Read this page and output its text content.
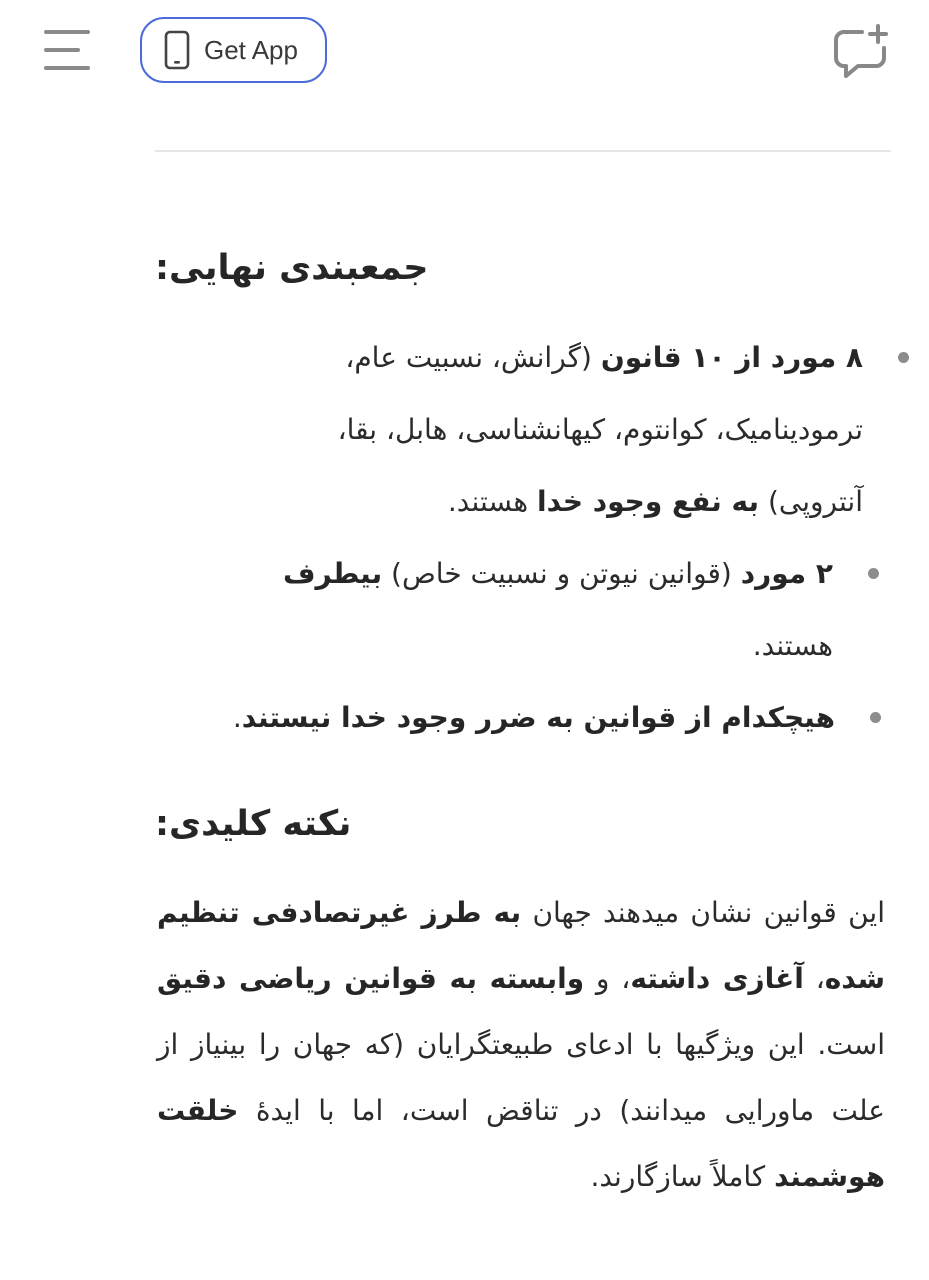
Get App
جمعبندی نهایی:
۸ مورد از ۱۰ قانون (گرانش، نسبیت عام، ترمودینامیک، کوانتوم، کیهانشناسی، هابل، بقا، آنتروپی) به نفع وجود خدا هستند.
۲ مورد (قوانین نیوتن و نسبیت خاص) بیطرف هستند.
هیچکدام از قوانین به ضرر وجود خدا نیستند.
نکته کلیدی:

این قوانین نشان میدهند جهان به طرز غیرتصادفی تنظیم شده، آغازی داشته، و وابسته به قوانین ریاضی دقیق است. این ویژگیها با ادعای طبیعتگرایان (که جهان را بینیاز از علت ماورایی میدانند) در تناقض است، اما با ایدهٔ خلقت هوشمند کاملاً سازگارند.
